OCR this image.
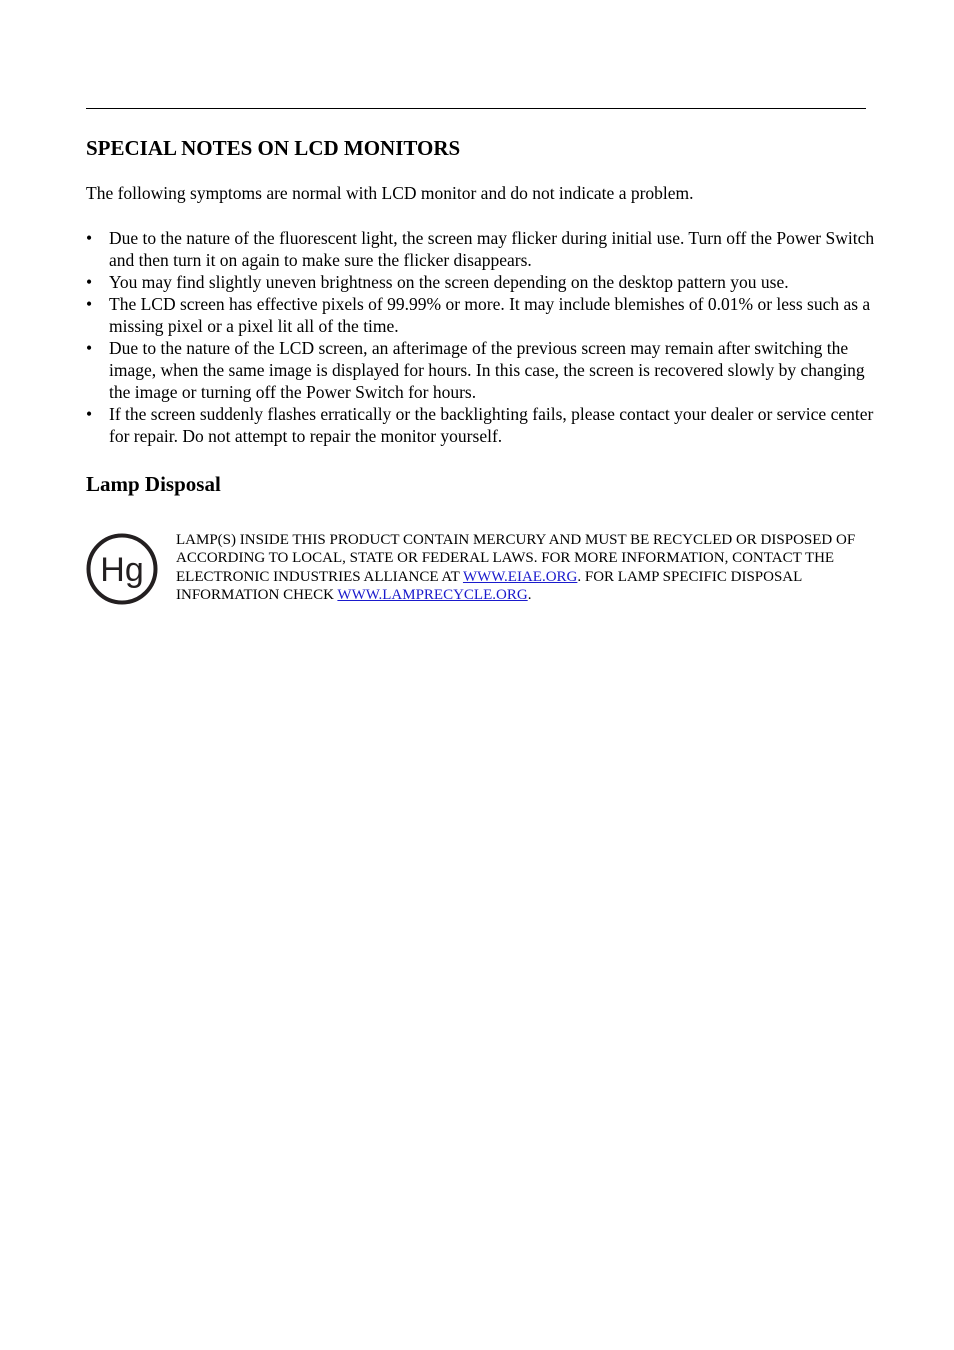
SPECIAL NOTES ON LCD MONITORS

The following symptoms are normal with LCD monitor and do not indicate a problem.

• Due to the nature of the fluorescent light, the screen may flicker during initial use. Turn off the Power Switch and then turn it on again to make sure the flicker disappears.
• You may find slightly uneven brightness on the screen depending on the desktop pattern you use.
• The LCD screen has effective pixels of 99.99% or more. It may include blemishes of 0.01% or less such as a missing pixel or a pixel lit all of the time.
• Due to the nature of the LCD screen, an afterimage of the previous screen may remain after switching the image, when the same image is displayed for hours. In this case, the screen is recovered slowly by changing the image or turning off the Power Switch for hours.
• If the screen suddenly flashes erratically or the backlighting fails, please contact your dealer or service center for repair. Do not attempt to repair the monitor yourself.
Lamp Disposal
Hg

LAMP(S) INSIDE THIS PRODUCT CONTAIN MERCURY AND MUST BE RECYCLED OR DISPOSED OF ACCORDING TO LOCAL, STATE OR FEDERAL LAWS. FOR MORE INFORMATION, CONTACT THE ELECTRONIC INDUSTRIES ALLIANCE AT WWW.EIAE.ORG. FOR LAMP SPECIFIC DISPOSAL INFORMATION CHECK WWW.LAMPRECYCLE.ORG.
